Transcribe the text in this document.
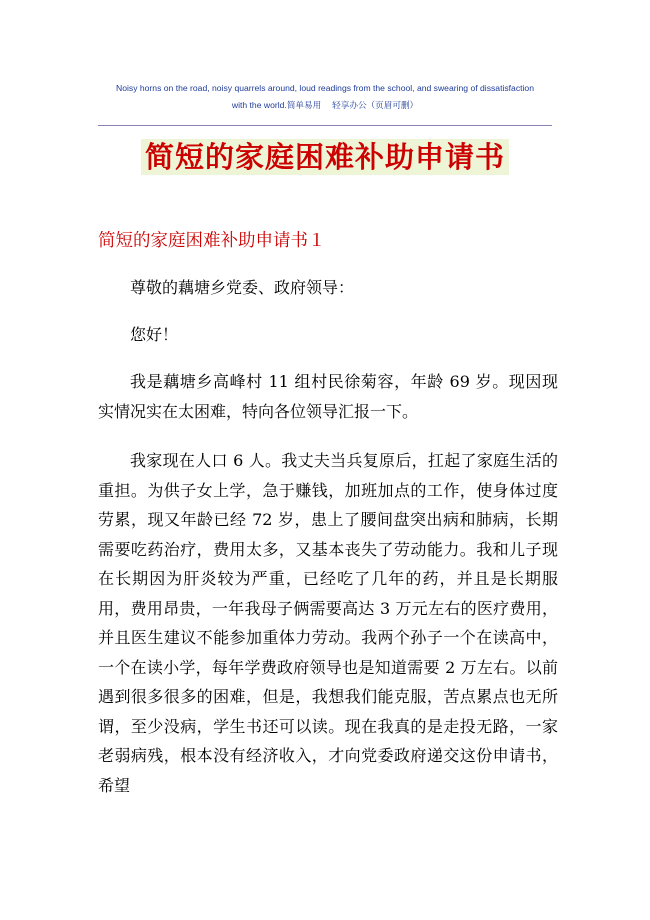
Noisy horns on the road, noisy quarrels around, loud readings from the school, and swearing of dissatisfaction
with the world.简单易用　 轻享办公（页眉可删）
简短的家庭困难补助申请书
简短的家庭困难补助申请书１

尊敬的藕塘乡党委、政府领导：

您好！

我是藕塘乡高峰村 11 组村民徐菊容，年龄 69 岁。现因现实情况实在太困难，特向各位领导汇报一下。

我家现在人口 6 人。我丈夫当兵复原后，扛起了家庭生活的重担。为供子女上学，急于赚钱，加班加点的工作，使身体过度劳累，现又年龄已经 72 岁，患上了腰间盘突出病和肺病，长期需要吃药治疗，费用太多，又基本丧失了劳动能力。我和儿子现在长期因为肝炎较为严重，已经吃了几年的药，并且是长期服用，费用昂贵，一年我母子俩需要高达 3 万元左右的医疗费用，并且医生建议不能参加重体力劳动。我两个孙子一个在读高中，一个在读小学，每年学费政府领导也是知道需要 2 万左右。以前遇到很多很多的困难，但是，我想我们能克服，苦点累点也无所谓，至少没病，学生书还可以读。现在我真的是走投无路，一家老弱病残，根本没有经济收入，才向党委政府递交这份申请书，希望
